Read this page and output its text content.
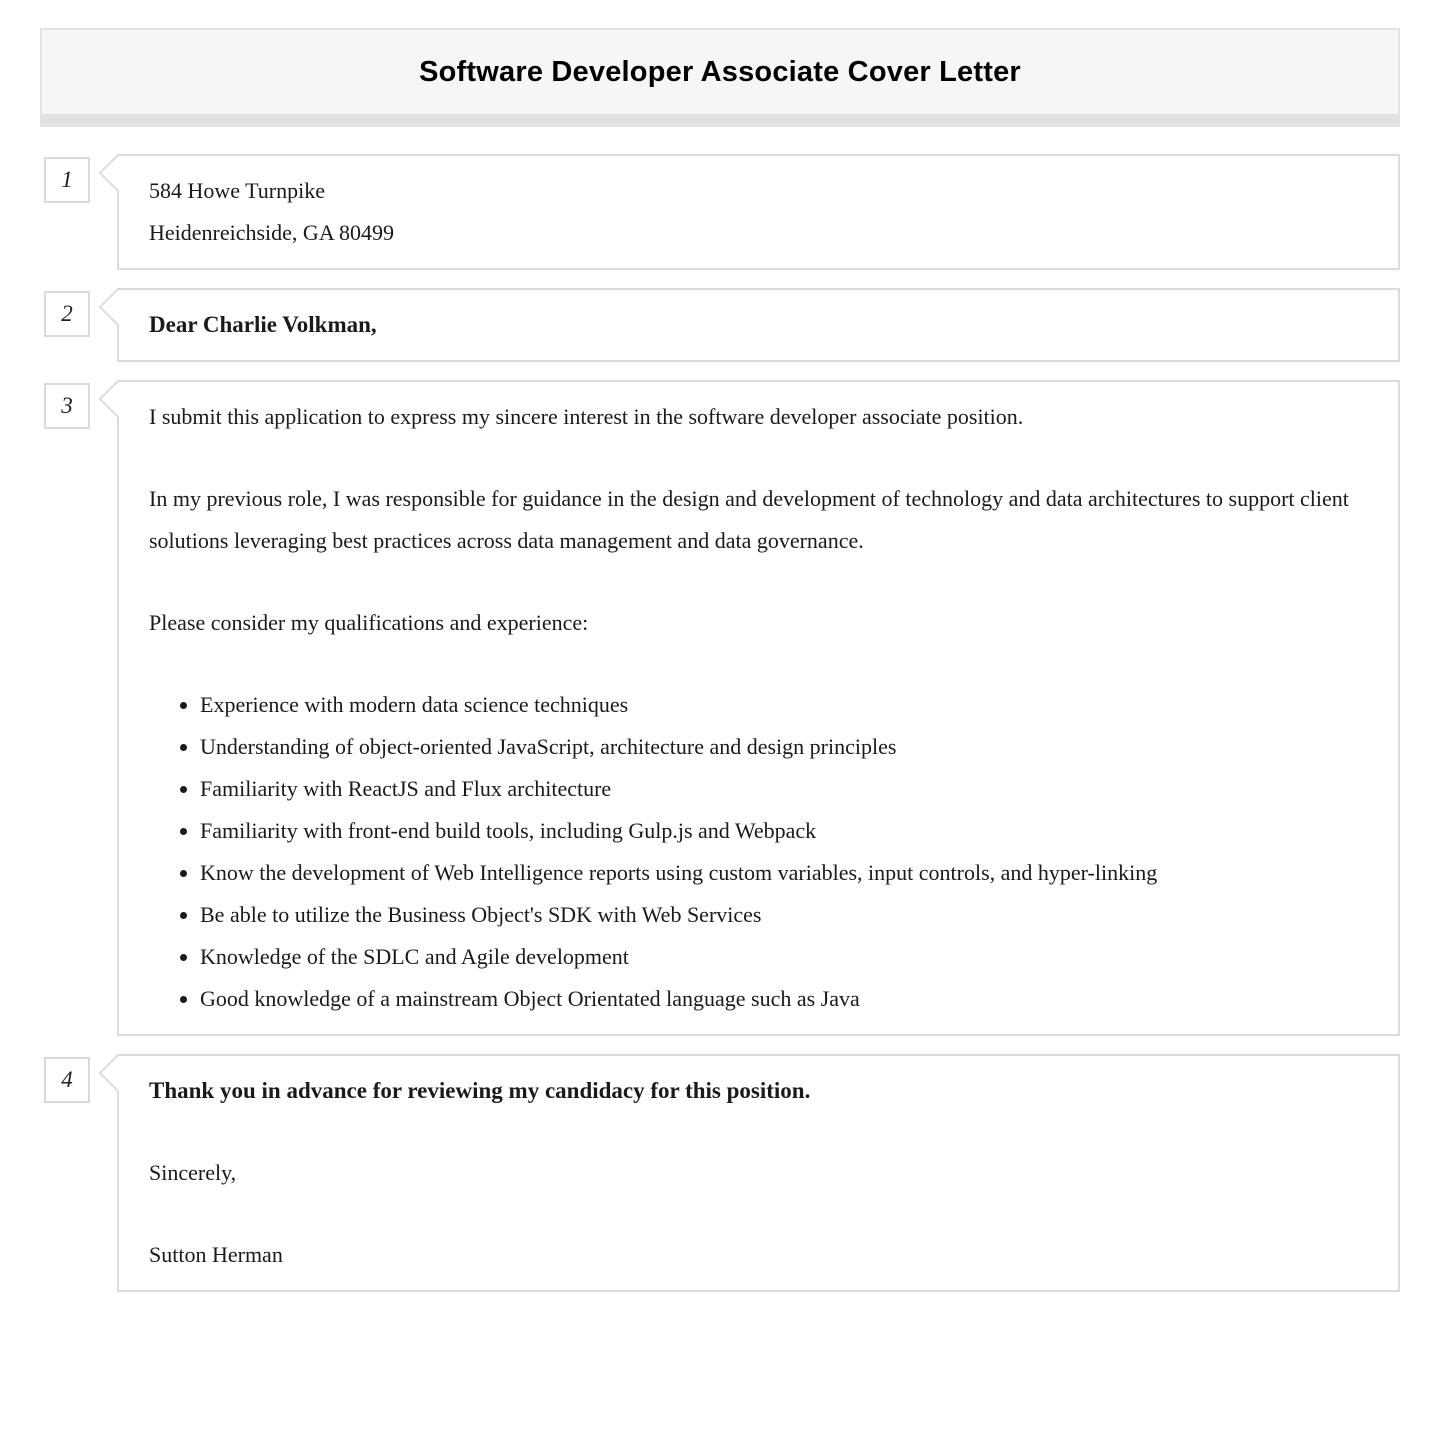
Software Developer Associate Cover Letter
1	584 Howe Turnpike
Heidenreichside, GA 80499
2	Dear Charlie Volkman,
3	I submit this application to express my sincere interest in the software developer associate position.

In my previous role, I was responsible for guidance in the design and development of technology and data architectures to support client solutions leveraging best practices across data management and data governance.

Please consider my qualifications and experience:

• Experience with modern data science techniques
• Understanding of object-oriented JavaScript, architecture and design principles
• Familiarity with ReactJS and Flux architecture
• Familiarity with front-end build tools, including Gulp.js and Webpack
• Know the development of Web Intelligence reports using custom variables, input controls, and hyper-linking
• Be able to utilize the Business Object's SDK with Web Services
• Knowledge of the SDLC and Agile development
• Good knowledge of a mainstream Object Orientated language such as Java
4	Thank you in advance for reviewing my candidacy for this position.

Sincerely,

Sutton Herman
